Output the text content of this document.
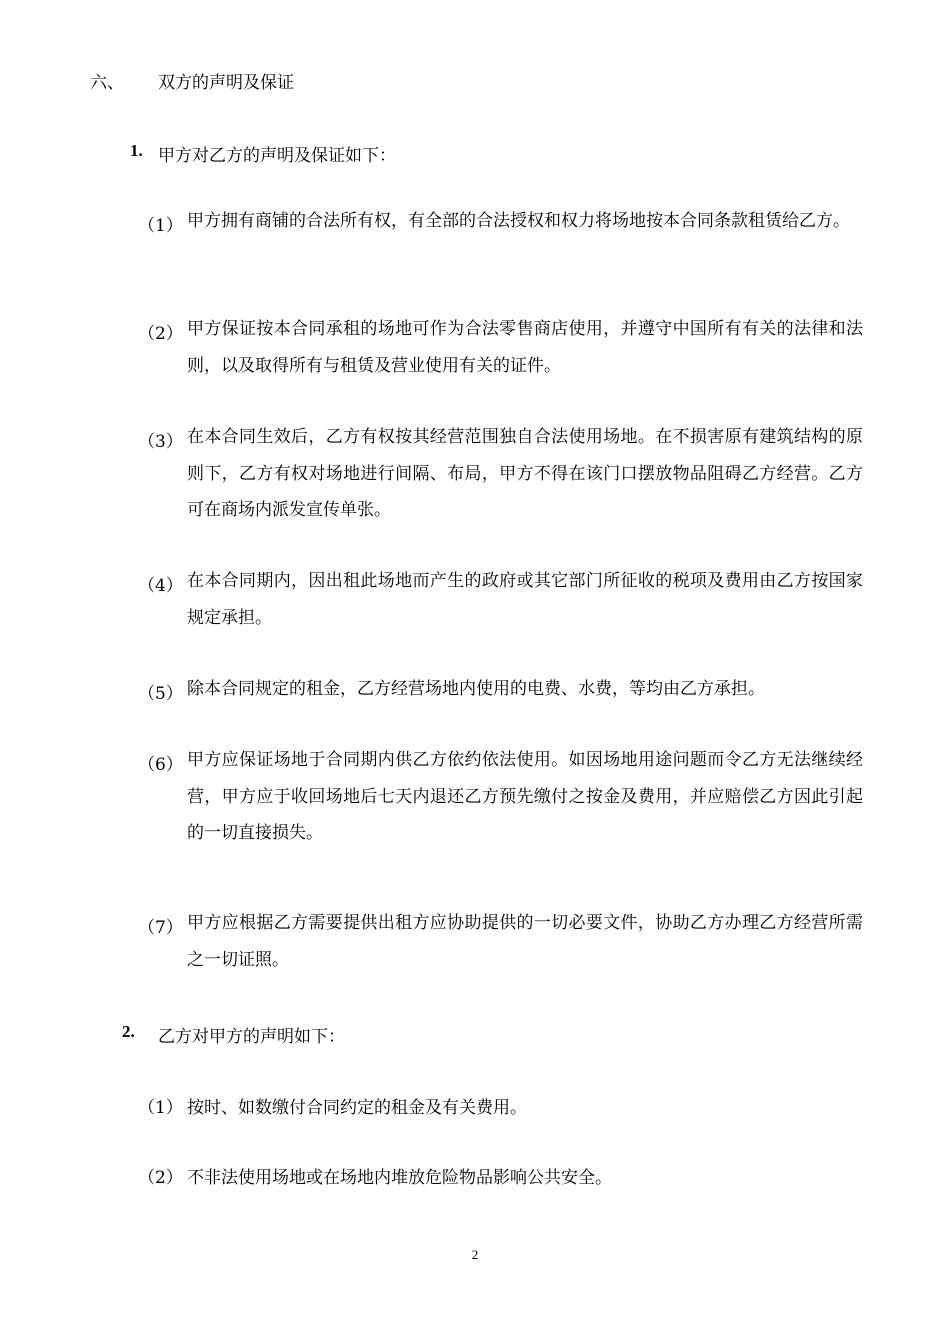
六、 双方的声明及保证
1. 甲方对乙方的声明及保证如下：
（1） 甲方拥有商铺的合法所有权，有全部的合法授权和权力将场地按本合同条款租赁给乙方。
（2） 甲方保证按本合同承租的场地可作为合法零售商店使用，并遵守中国所有有关的法律和法则，以及取得所有与租赁及营业使用有关的证件。
（3） 在本合同生效后，乙方有权按其经营范围独自合法使用场地。在不损害原有建筑结构的原则下，乙方有权对场地进行间隔、布局，甲方不得在该门口摆放物品阻碍乙方经营。乙方可在商场内派发宣传单张。
（4） 在本合同期内，因出租此场地而产生的政府或其它部门所征收的税项及费用由乙方按国家规定承担。
（5） 除本合同规定的租金，乙方经营场地内使用的电费、水费，等均由乙方承担。
（6） 甲方应保证场地于合同期内供乙方依约依法使用。如因场地用途问题而令乙方无法继续经营，甲方应于收回场地后七天内退还乙方预先缴付之按金及费用，并应赔偿乙方因此引起的一切直接损失。
（7） 甲方应根据乙方需要提供出租方应协助提供的一切必要文件，协助乙方办理乙方经营所需之一切证照。
2. 乙方对甲方的声明如下：
（1） 按时、如数缴付合同约定的租金及有关费用。
（2） 不非法使用场地或在场地内堆放危险物品影响公共安全。
2
